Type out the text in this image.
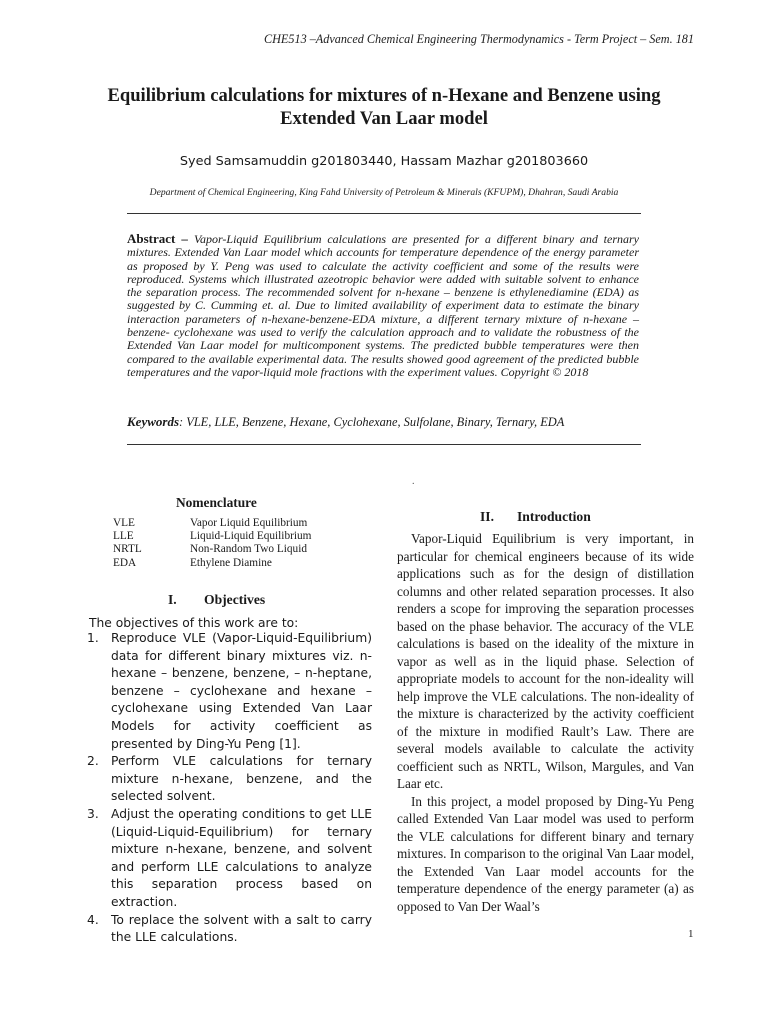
CHE513 –Advanced Chemical Engineering Thermodynamics - Term Project – Sem. 181
Equilibrium calculations for mixtures of n-Hexane and Benzene using
Extended Van Laar model
Syed Samsamuddin g201803440, Hassam Mazhar g201803660
Department of Chemical Engineering, King Fahd University of Petroleum & Minerals (KFUPM), Dhahran, Saudi Arabia
Abstract – Vapor-Liquid Equilibrium calculations are presented for a different binary and ternary mixtures. Extended Van Laar model which accounts for temperature dependence of the energy parameter as proposed by Y. Peng was used to calculate the activity coefficient and some of the results were reproduced. Systems which illustrated azeotropic behavior were added with suitable solvent to enhance the separation process. The recommended solvent for n-hexane – benzene is ethylenediamine (EDA) as suggested by C. Cumming et. al. Due to limited availability of experiment data to estimate the binary interaction parameters of n-hexane-benzene-EDA mixture, a different ternary mixture of n-hexane – benzene- cyclohexane was used to verify the calculation approach and to validate the robustness of the Extended Van Laar model for multicomponent systems. The predicted bubble temperatures were then compared to the available experimental data. The results showed good agreement of the predicted bubble temperatures and the vapor-liquid mole fractions with the experiment values. Copyright © 2018
Keywords: VLE, LLE, Benzene, Hexane, Cyclohexane, Sulfolane, Binary, Ternary, EDA
.
Nomenclature
VLE	Vapor Liquid Equilibrium
LLE	Liquid-Liquid Equilibrium
NRTL	Non-Random Two Liquid
EDA	Ethylene Diamine
I. Objectives
The objectives of this work are to:
1. Reproduce VLE (Vapor-Liquid-Equilibrium) data for different binary mixtures viz. n-hexane – benzene, benzene, – n-heptane, benzene – cyclohexane and hexane – cyclohexane using Extended Van Laar Models for activity coefficient as presented by Ding-Yu Peng [1].
2. Perform VLE calculations for ternary mixture n-hexane, benzene, and the selected solvent.
3. Adjust the operating conditions to get LLE (Liquid-Liquid-Equilibrium) for ternary mixture n-hexane, benzene, and solvent and perform LLE calculations to analyze this separation process based on extraction.
4. To replace the solvent with a salt to carry the LLE calculations.
II. Introduction

Vapor-Liquid Equilibrium is very important, in particular for chemical engineers because of its wide applications such as for the design of distillation columns and other related separation processes. It also renders a scope for improving the separation processes based on the phase behavior. The accuracy of the VLE calculations is based on the ideality of the mixture in vapor as well as in the liquid phase. Selection of appropriate models to account for the non-ideality will help improve the VLE calculations. The non-ideality of the mixture is characterized by the activity coefficient of the mixture in modified Rault’s Law. There are several models available to calculate the activity coefficient such as NRTL, Wilson, Margules, and Van Laar etc.

In this project, a model proposed by Ding-Yu Peng called Extended Van Laar model was used to perform the VLE calculations for different binary and ternary mixtures. In comparison to the original Van Laar model, the Extended Van Laar model accounts for the temperature dependence of the energy parameter (a) as opposed to Van Der Waal’s

1
